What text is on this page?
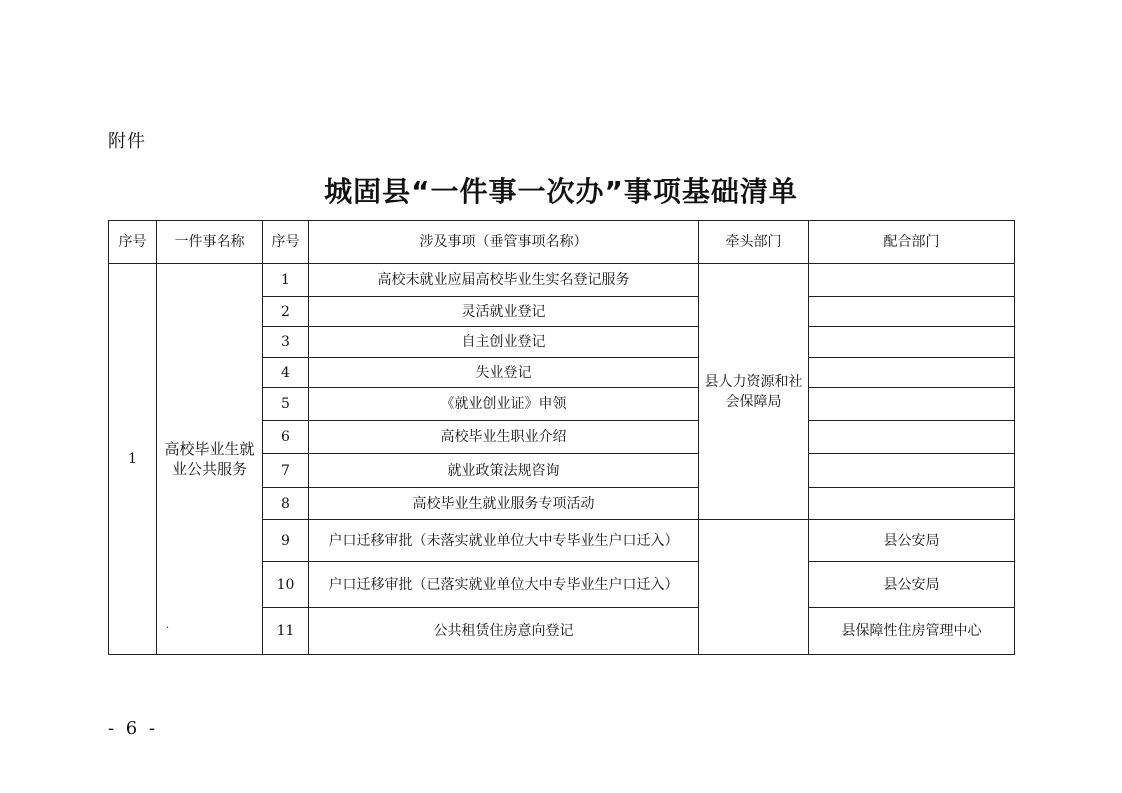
附件
城固县“一件事一次办”事项基础清单
序号	一件事名称	序号	涉及事项（垂管事项名称）	牵头部门	配合部门
1	高校毕业生就业公共服务	1	高校未就业应届高校毕业生实名登记服务	县人力资源和社会保障局	
		2	灵活就业登记		
		3	自主创业登记		
		4	失业登记		
		5	《就业创业证》申领		
		6	高校毕业生职业介绍		
		7	就业政策法规咨询		
		8	高校毕业生就业服务专项活动		
		9	户口迁移审批（未落实就业单位大中专毕业生户口迁入）		县公安局
		10	户口迁移审批（已落实就业单位大中专毕业生户口迁入）		县公安局
		11	公共租赁住房意向登记		县保障性住房管理中心
.
- 6 -
